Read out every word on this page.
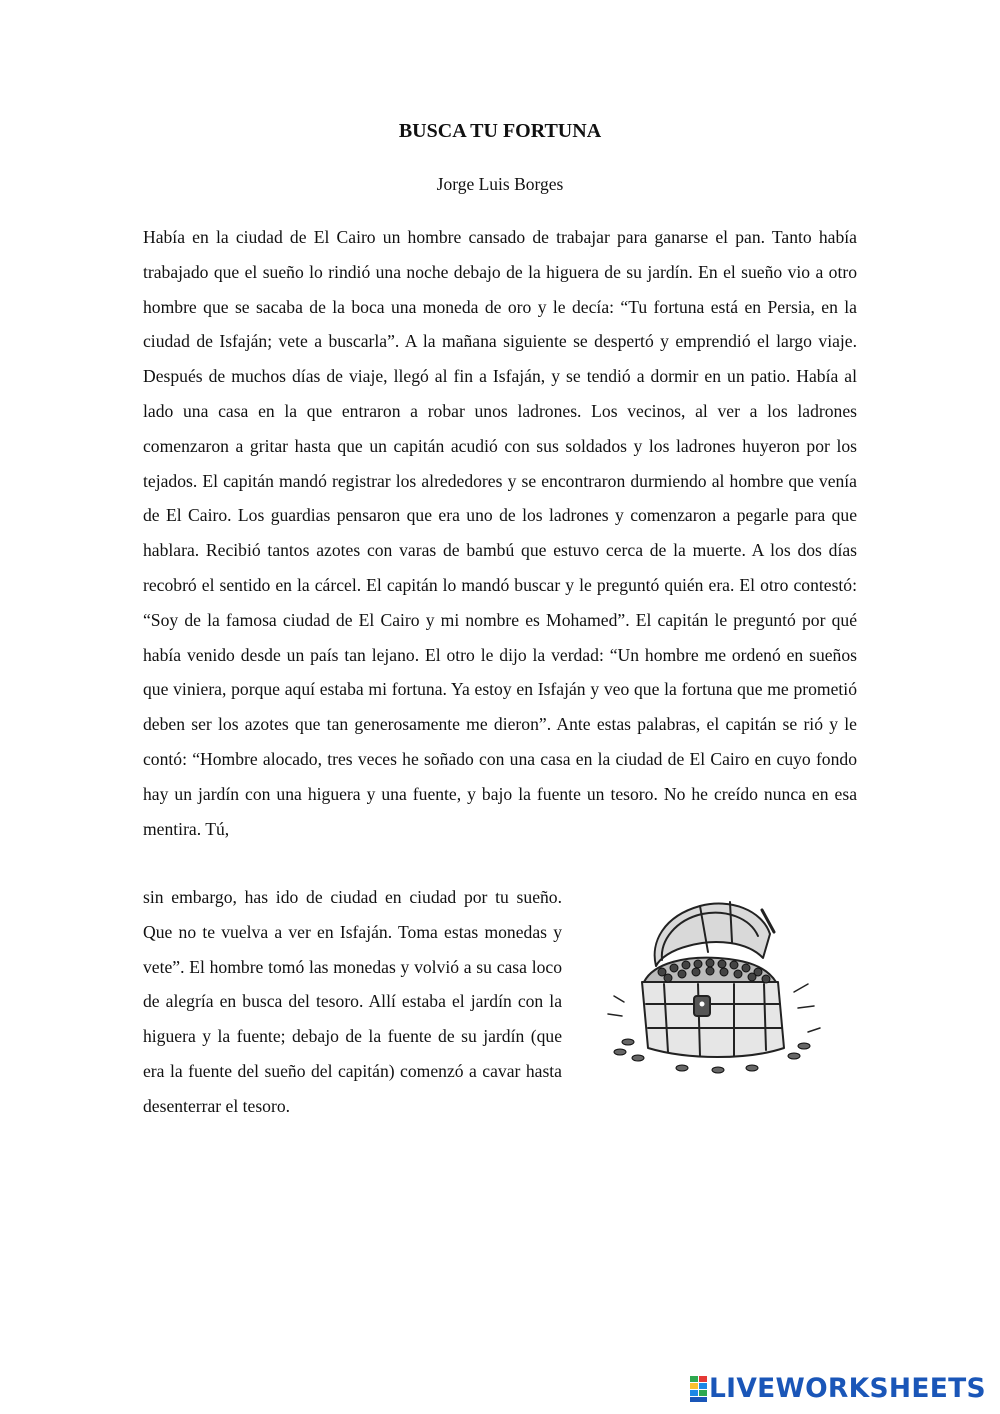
BUSCA TU FORTUNA

Jorge Luis Borges

Había en la ciudad de El Cairo un hombre cansado de trabajar para ganarse el pan. Tanto había trabajado que el sueño lo rindió una noche debajo de la higuera de su jardín. En el sueño vio a otro hombre que se sacaba de la boca una moneda de oro y le decía: “Tu fortuna está en Persia, en la ciudad de Isfaján; vete a buscarla”. A la mañana siguiente se despertó y emprendió el largo viaje. Después de muchos días de viaje, llegó al fin a Isfaján, y se tendió a dormir en un patio. Había al lado una casa en la que entraron a robar unos ladrones. Los vecinos, al ver a los ladrones comenzaron a gritar hasta que un capitán acudió con sus soldados y los ladrones huyeron por los tejados. El capitán mandó registrar los alrededores y se encontraron durmiendo al hombre que venía de El Cairo. Los guardias pensaron que era uno de los ladrones y comenzaron a pegarle para que hablara. Recibió tantos azotes con varas de bambú que estuvo cerca de la muerte. A los dos días recobró el sentido en la cárcel. El capitán lo mandó buscar y le preguntó quién era. El otro contestó: “Soy de la famosa ciudad de El Cairo y mi nombre es Mohamed”. El capitán le preguntó por qué había venido desde un país tan lejano. El otro le dijo la verdad: “Un hombre me ordenó en sueños que viniera, porque aquí estaba mi fortuna. Ya estoy en Isfaján y veo que la fortuna que me prometió deben ser los azotes que tan generosamente me dieron”. Ante estas palabras, el capitán se rió y le contó: “Hombre alocado, tres veces he soñado con una casa en la ciudad de El Cairo en cuyo fondo hay un jardín con una higuera y una fuente, y bajo la fuente un tesoro. No he creído nunca en esa mentira. Tú,

sin embargo, has ido de ciudad en ciudad por tu sueño. Que no te vuelva a ver en Isfaján. Toma estas monedas y vete”. El hombre tomó las monedas y volvió a su casa loco de alegría en busca del tesoro. Allí estaba el jardín con la higuera y la fuente; debajo de la fuente de su jardín (que era la fuente del sueño del capitán) comenzó a cavar hasta desenterrar el tesoro.

LIVEWORKSHEETS
